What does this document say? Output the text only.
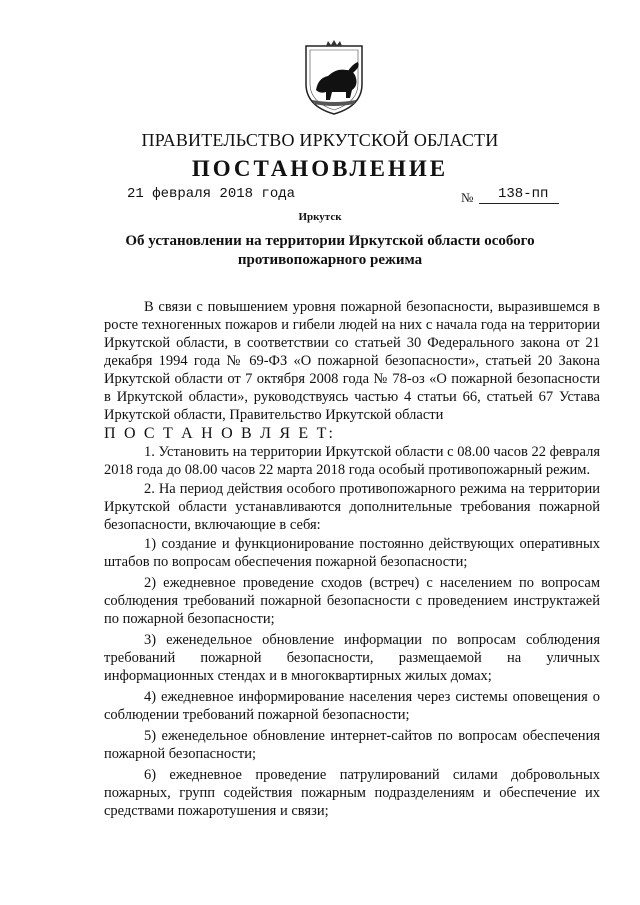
ПРАВИТЕЛЬСТВО ИРКУТСКОЙ ОБЛАСТИ
ПОСТАНОВЛЕНИЕ
21 февраля 2018 года	№ 138-пп
Иркутск
Об установлении на территории Иркутской области особого противопожарного режима

В связи с повышением уровня пожарной безопасности, выразившемся в росте техногенных пожаров и гибели людей на них с начала года на территории Иркутской области, в соответствии со статьей 30 Федерального закона от 21 декабря 1994 года № 69-ФЗ «О пожарной безопасности», статьей 20 Закона Иркутской области от 7 октября 2008 года № 78-оз «О пожарной безопасности в Иркутской области», руководствуясь частью 4 статьи 66, статьей 67 Устава Иркутской области, Правительство Иркутской области

П О С Т А Н О В Л Я Е Т:

1. Установить на территории Иркутской области с 08.00 часов 22 февраля 2018 года до 08.00 часов 22 марта 2018 года особый противопожарный режим.

2. На период действия особого противопожарного режима на территории Иркутской области устанавливаются дополнительные требования пожарной безопасности, включающие в себя:

1) создание и функционирование постоянно действующих оперативных штабов по вопросам обеспечения пожарной безопасности;

2) ежедневное проведение сходов (встреч) с населением по вопросам соблюдения требований пожарной безопасности с проведением инструктажей по пожарной безопасности;

3) еженедельное обновление информации по вопросам соблюдения требований пожарной безопасности, размещаемой на уличных информационных стендах и в многоквартирных жилых домах;

4) ежедневное информирование населения через системы оповещения о соблюдении требований пожарной безопасности;

5) еженедельное обновление интернет-сайтов по вопросам обеспечения пожарной безопасности;

6) ежедневное проведение патрулирований силами добровольных пожарных, групп содействия пожарным подразделениям и обеспечение их средствами пожаротушения и связи;
